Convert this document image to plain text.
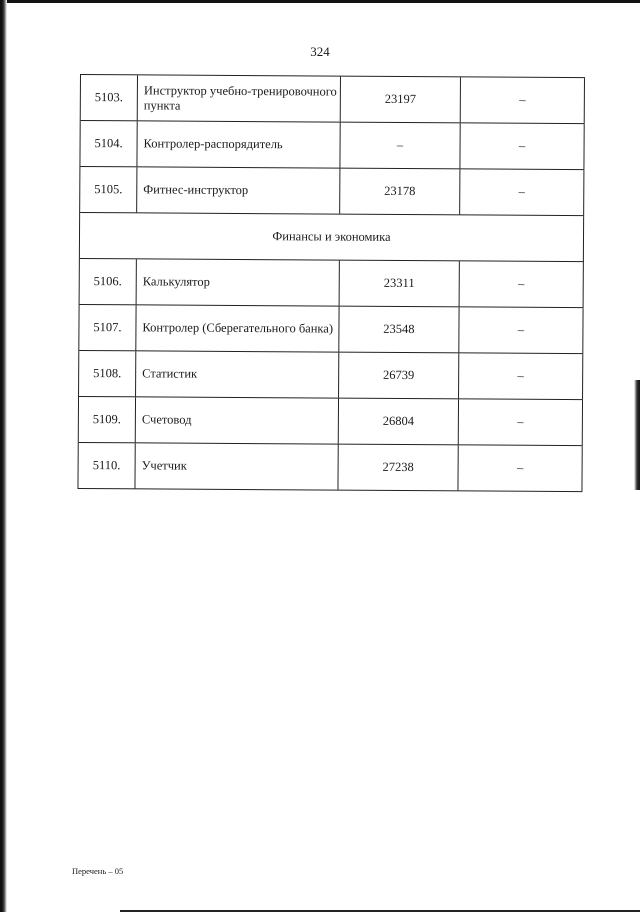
324
5103.	Инструктор учебно-тренировочного пункта	23197	–
5104.	Контролер-распорядитель	–	–
5105.	Фитнес-инструктор	23178	–
Финансы и экономика
5106.	Калькулятор	23311	–
5107.	Контролер (Сберегательного банка)	23548	–
5108.	Статистик	26739	–
5109.	Счетовод	26804	–
5110.	Учетчик	27238	–
Перечень – 05
